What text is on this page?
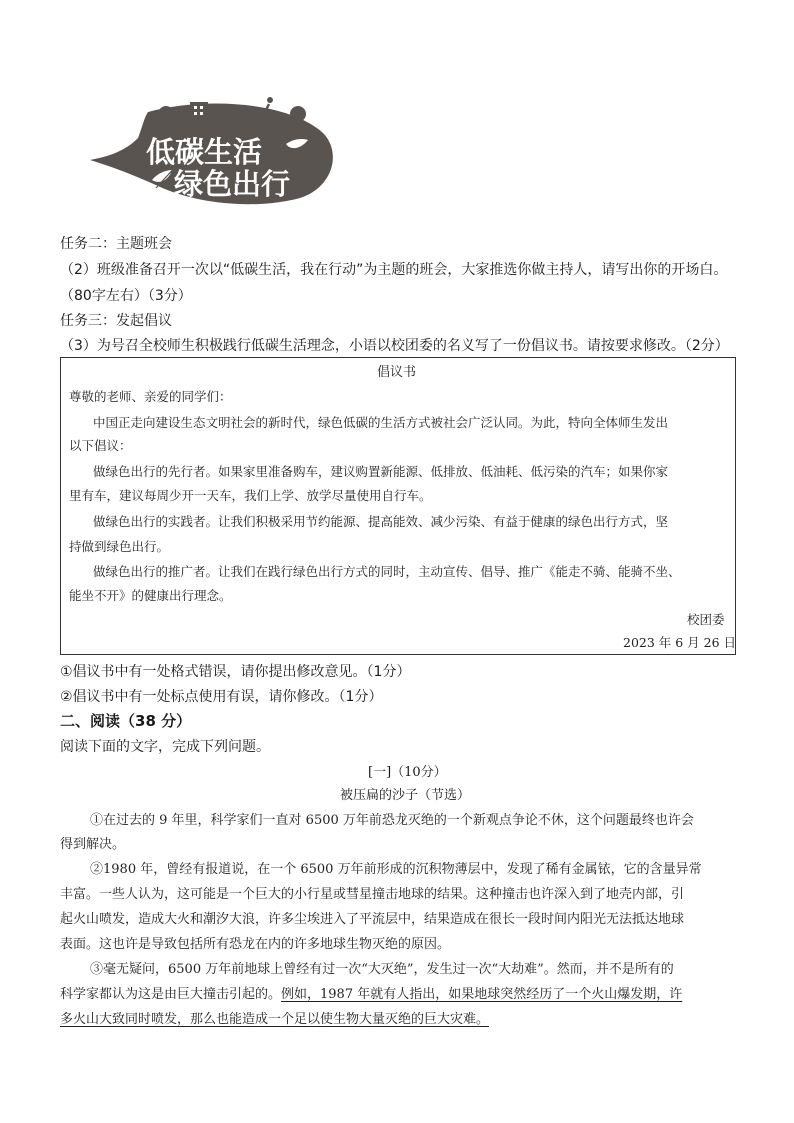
低碳生活
绿色出行
任务二：主题班会
（2）班级准备召开一次以“低碳生活，我在行动”为主题的班会，大家推选你做主持人，请写出你的开场白。
（80字左右）（3分）
任务三：发起倡议
（3）为号召全校师生积极践行低碳生活理念，小语以校团委的名义写了一份倡议书。请按要求修改。（2分）
倡议书
尊敬的老师、亲爱的同学们：
中国正走向建设生态文明社会的新时代，绿色低碳的生活方式被社会广泛认同。为此，特向全体师生发出
以下倡议：
做绿色出行的先行者。如果家里准备购车，建议购置新能源、低排放、低油耗、低污染的汽车；如果你家
里有车，建议每周少开一天车，我们上学、放学尽量使用自行车。
做绿色出行的实践者。让我们积极采用节约能源、提高能效、减少污染、有益于健康的绿色出行方式，坚
持做到绿色出行。
做绿色出行的推广者。让我们在践行绿色出行方式的同时，主动宣传、倡导、推广《能走不骑、能骑不坐、
能坐不开》的健康出行理念。
校团委
2023 年 6 月 26 日
①倡议书中有一处格式错误，请你提出修改意见。（1分）
②倡议书中有一处标点使用有误，请你修改。（1分）
二、阅读（38 分）
阅读下面的文字，完成下列问题。
[一]（10分）
被压扁的沙子（节选）
①在过去的 9 年里，科学家们一直对 6500 万年前恐龙灭绝的一个新观点争论不休，这个问题最终也许会
得到解决。
②1980 年，曾经有报道说，在一个 6500 万年前形成的沉积物薄层中，发现了稀有金属铱，它的含量异常
丰富。一些人认为，这可能是一个巨大的小行星或彗星撞击地球的结果。这种撞击也许深入到了地壳内部，引
起火山喷发，造成大火和潮汐大浪，许多尘埃进入了平流层中，结果造成在很长一段时间内阳光无法抵达地球
表面。这也许是导致包括所有恐龙在内的许多地球生物灭绝的原因。
③毫无疑问，6500 万年前地球上曾经有过一次“大灭绝”，发生过一次“大劫难”。然而，并不是所有的
科学家都认为这是由巨大撞击引起的。例如，1987 年就有人指出，如果地球突然经历了一个火山爆发期，许
多火山大致同时喷发，那么也能造成一个足以使生物大量灭绝的巨大灾难。
